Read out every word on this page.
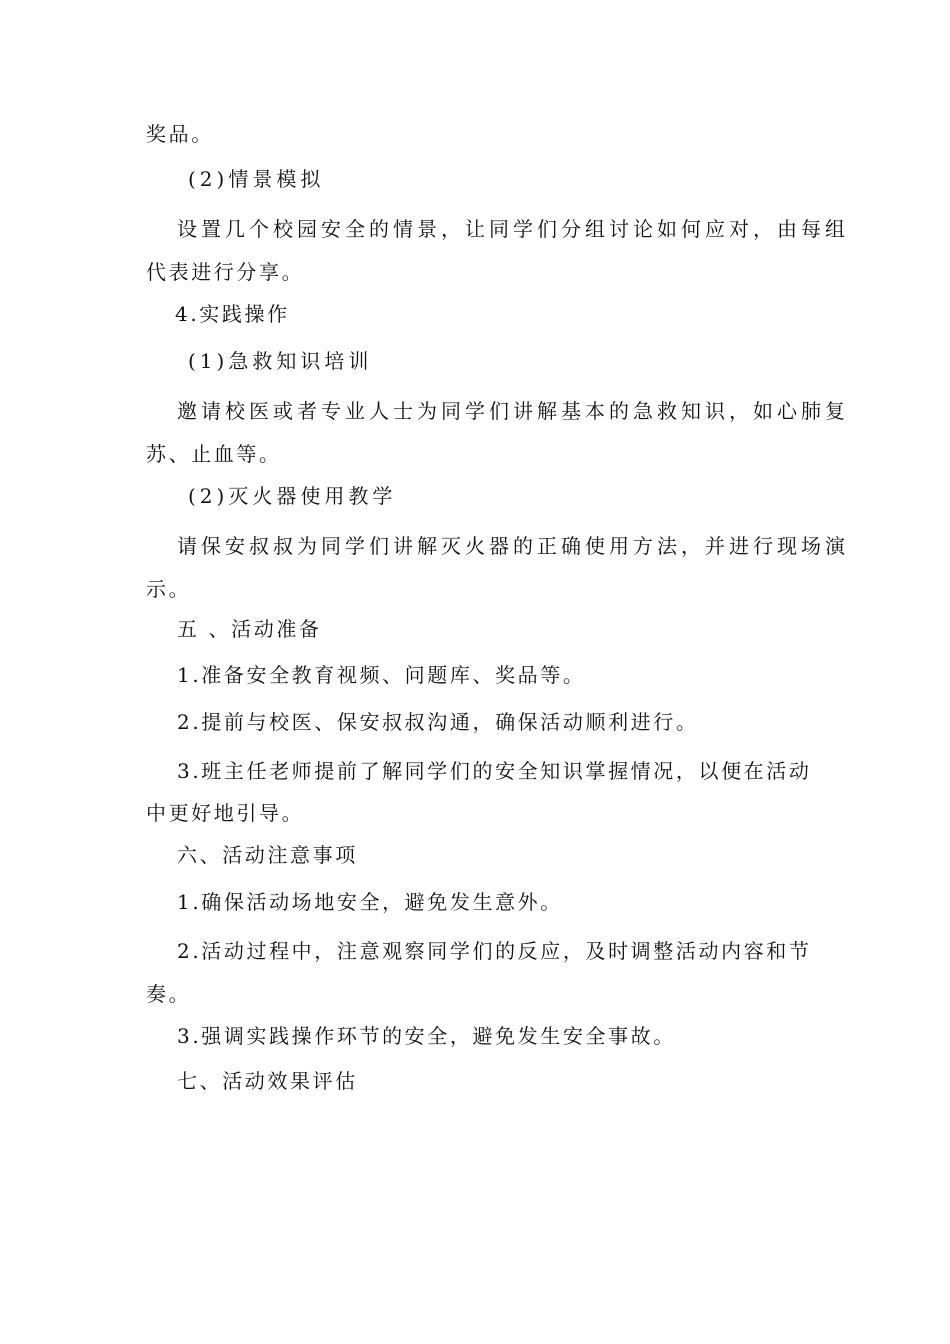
奖品。
(2)情景模拟
设置几个校园安全的情景，让同学们分组讨论如何应对，由每组
代表进行分享。
4.实践操作
(1)急救知识培训
邀请校医或者专业人士为同学们讲解基本的急救知识，如心肺复
苏、止血等。
(2)灭火器使用教学
请保安叔叔为同学们讲解灭火器的正确使用方法，并进行现场演
示。
五 、活动准备
1.准备安全教育视频、问题库、奖品等。
2.提前与校医、保安叔叔沟通，确保活动顺利进行。
3.班主任老师提前了解同学们的安全知识掌握情况，以便在活动
中更好地引导。
六、活动注意事项
1.确保活动场地安全，避免发生意外。
2.活动过程中，注意观察同学们的反应，及时调整活动内容和节
奏。
3.强调实践操作环节的安全，避免发生安全事故。
七、活动效果评估
